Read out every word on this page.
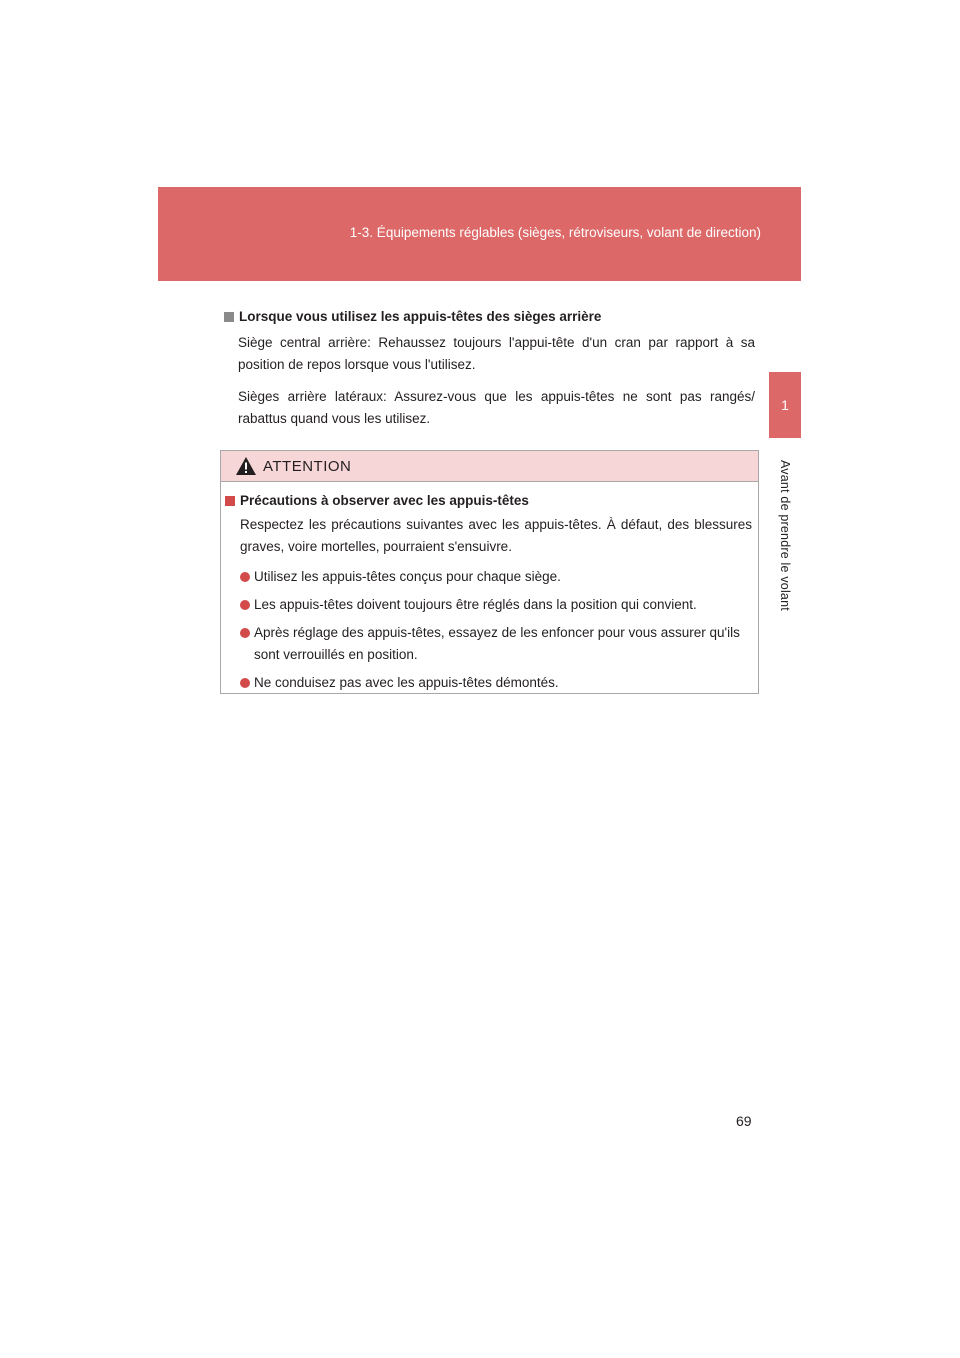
1-3. Équipements réglables (sièges, rétroviseurs, volant de direction)
1
Avant de prendre le volant
Lorsque vous utilisez les appuis-têtes des sièges arrière

Siège central arrière: Rehaussez toujours l'appui-tête d'un cran par rapport à sa position de repos lorsque vous l'utilisez.

Sièges arrière latéraux: Assurez-vous que les appuis-têtes ne sont pas rangés/ rabattus quand vous les utilisez.

ATTENTION
Précautions à observer avec les appuis-têtes

Respectez les précautions suivantes avec les appuis-têtes. À défaut, des blessures graves, voire mortelles, pourraient s'ensuivre.

Utilisez les appuis-têtes conçus pour chaque siège.
Les appuis-têtes doivent toujours être réglés dans la position qui convient.
Après réglage des appuis-têtes, essayez de les enfoncer pour vous assurer qu'ils sont verrouillés en position.
Ne conduisez pas avec les appuis-têtes démontés.
69
